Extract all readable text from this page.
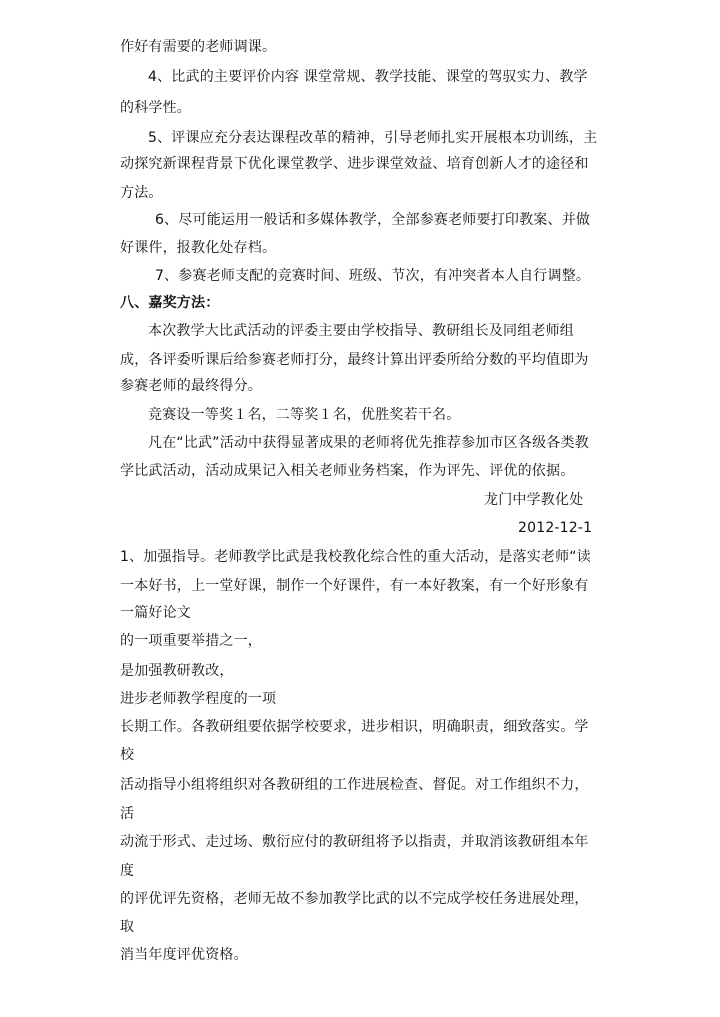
作好有需要的老师调课。

4、比武的主要评价内容 课堂常规、教学技能、课堂的驾驭实力、教学

的科学性。

5、评课应充分表达课程改革的精神，引导老师扎实开展根本功训练，主

动探究新课程背景下优化课堂教学、进步课堂效益、培育创新人才的途径和

方法。

6、尽可能运用一般话和多媒体教学，全部参赛老师要打印教案、并做

好课件，报教化处存档。

7、参赛老师支配的竞赛时间、班级、节次，有冲突者本人自行调整。

八、嘉奖方法：

本次教学大比武活动的评委主要由学校指导、教研组长及同组老师组

成，各评委听课后给参赛老师打分，最终计算出评委所给分数的平均值即为

参赛老师的最终得分。

竞赛设一等奖１名，二等奖１名，优胜奖若干名。

凡在“比武”活动中获得显著成果的老师将优先推荐参加市区各级各类教

学比武活动，活动成果记入相关老师业务档案，作为评先、评优的依据。

龙门中学教化处

2012-12-1

1、加强指导。老师教学比武是我校教化综合性的重大活动，是落实老师“读

一本好书，上一堂好课，制作一个好课件，有一本好教案，有一个好形象有

一篇好论文

的一项重要举措之一，

是加强教研教改，

进步老师教学程度的一项

长期工作。各教研组要依据学校要求，进步相识，明确职责，细致落实。学

校

活动指导小组将组织对各教研组的工作进展检查、督促。对工作组织不力，

活

动流于形式、走过场、敷衍应付的教研组将予以指责，并取消该教研组本年

度

的评优评先资格，老师无故不参加教学比武的以不完成学校任务进展处理，

取

消当年度评优资格。
